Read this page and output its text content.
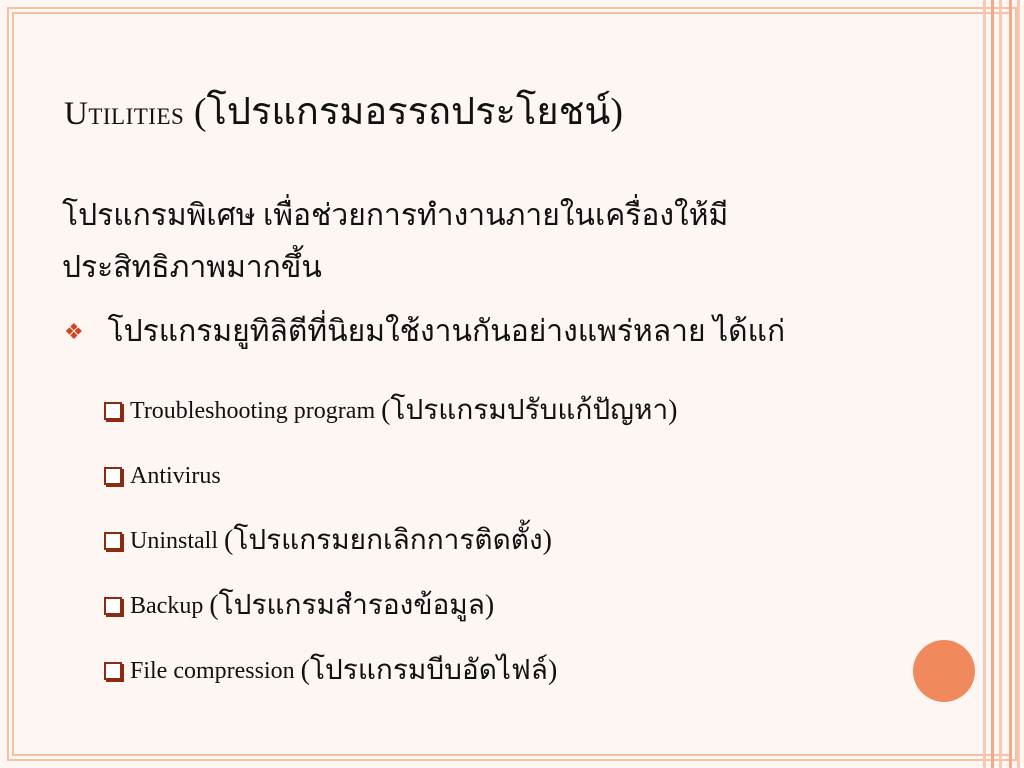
Utilities (โปรแกรมอรรถประโยชน์)

โปรแกรมพิเศษ เพื่อช่วยการทำงานภายในเครื่องให้มีประสิทธิภาพมากขึ้น

❖ โปรแกรมยูทิลิตีที่นิยมใช้งานกันอย่างแพร่หลาย ได้แก่
Troubleshooting program
(โปรแกรมปรับแก้ปัญหา)
Antivirus
Uninstall
(โปรแกรมยกเลิกการติดตั้ง)
Backup
(โปรแกรมสำรองข้อมูล)
File compression
(โปรแกรมบีบอัดไฟล์)
